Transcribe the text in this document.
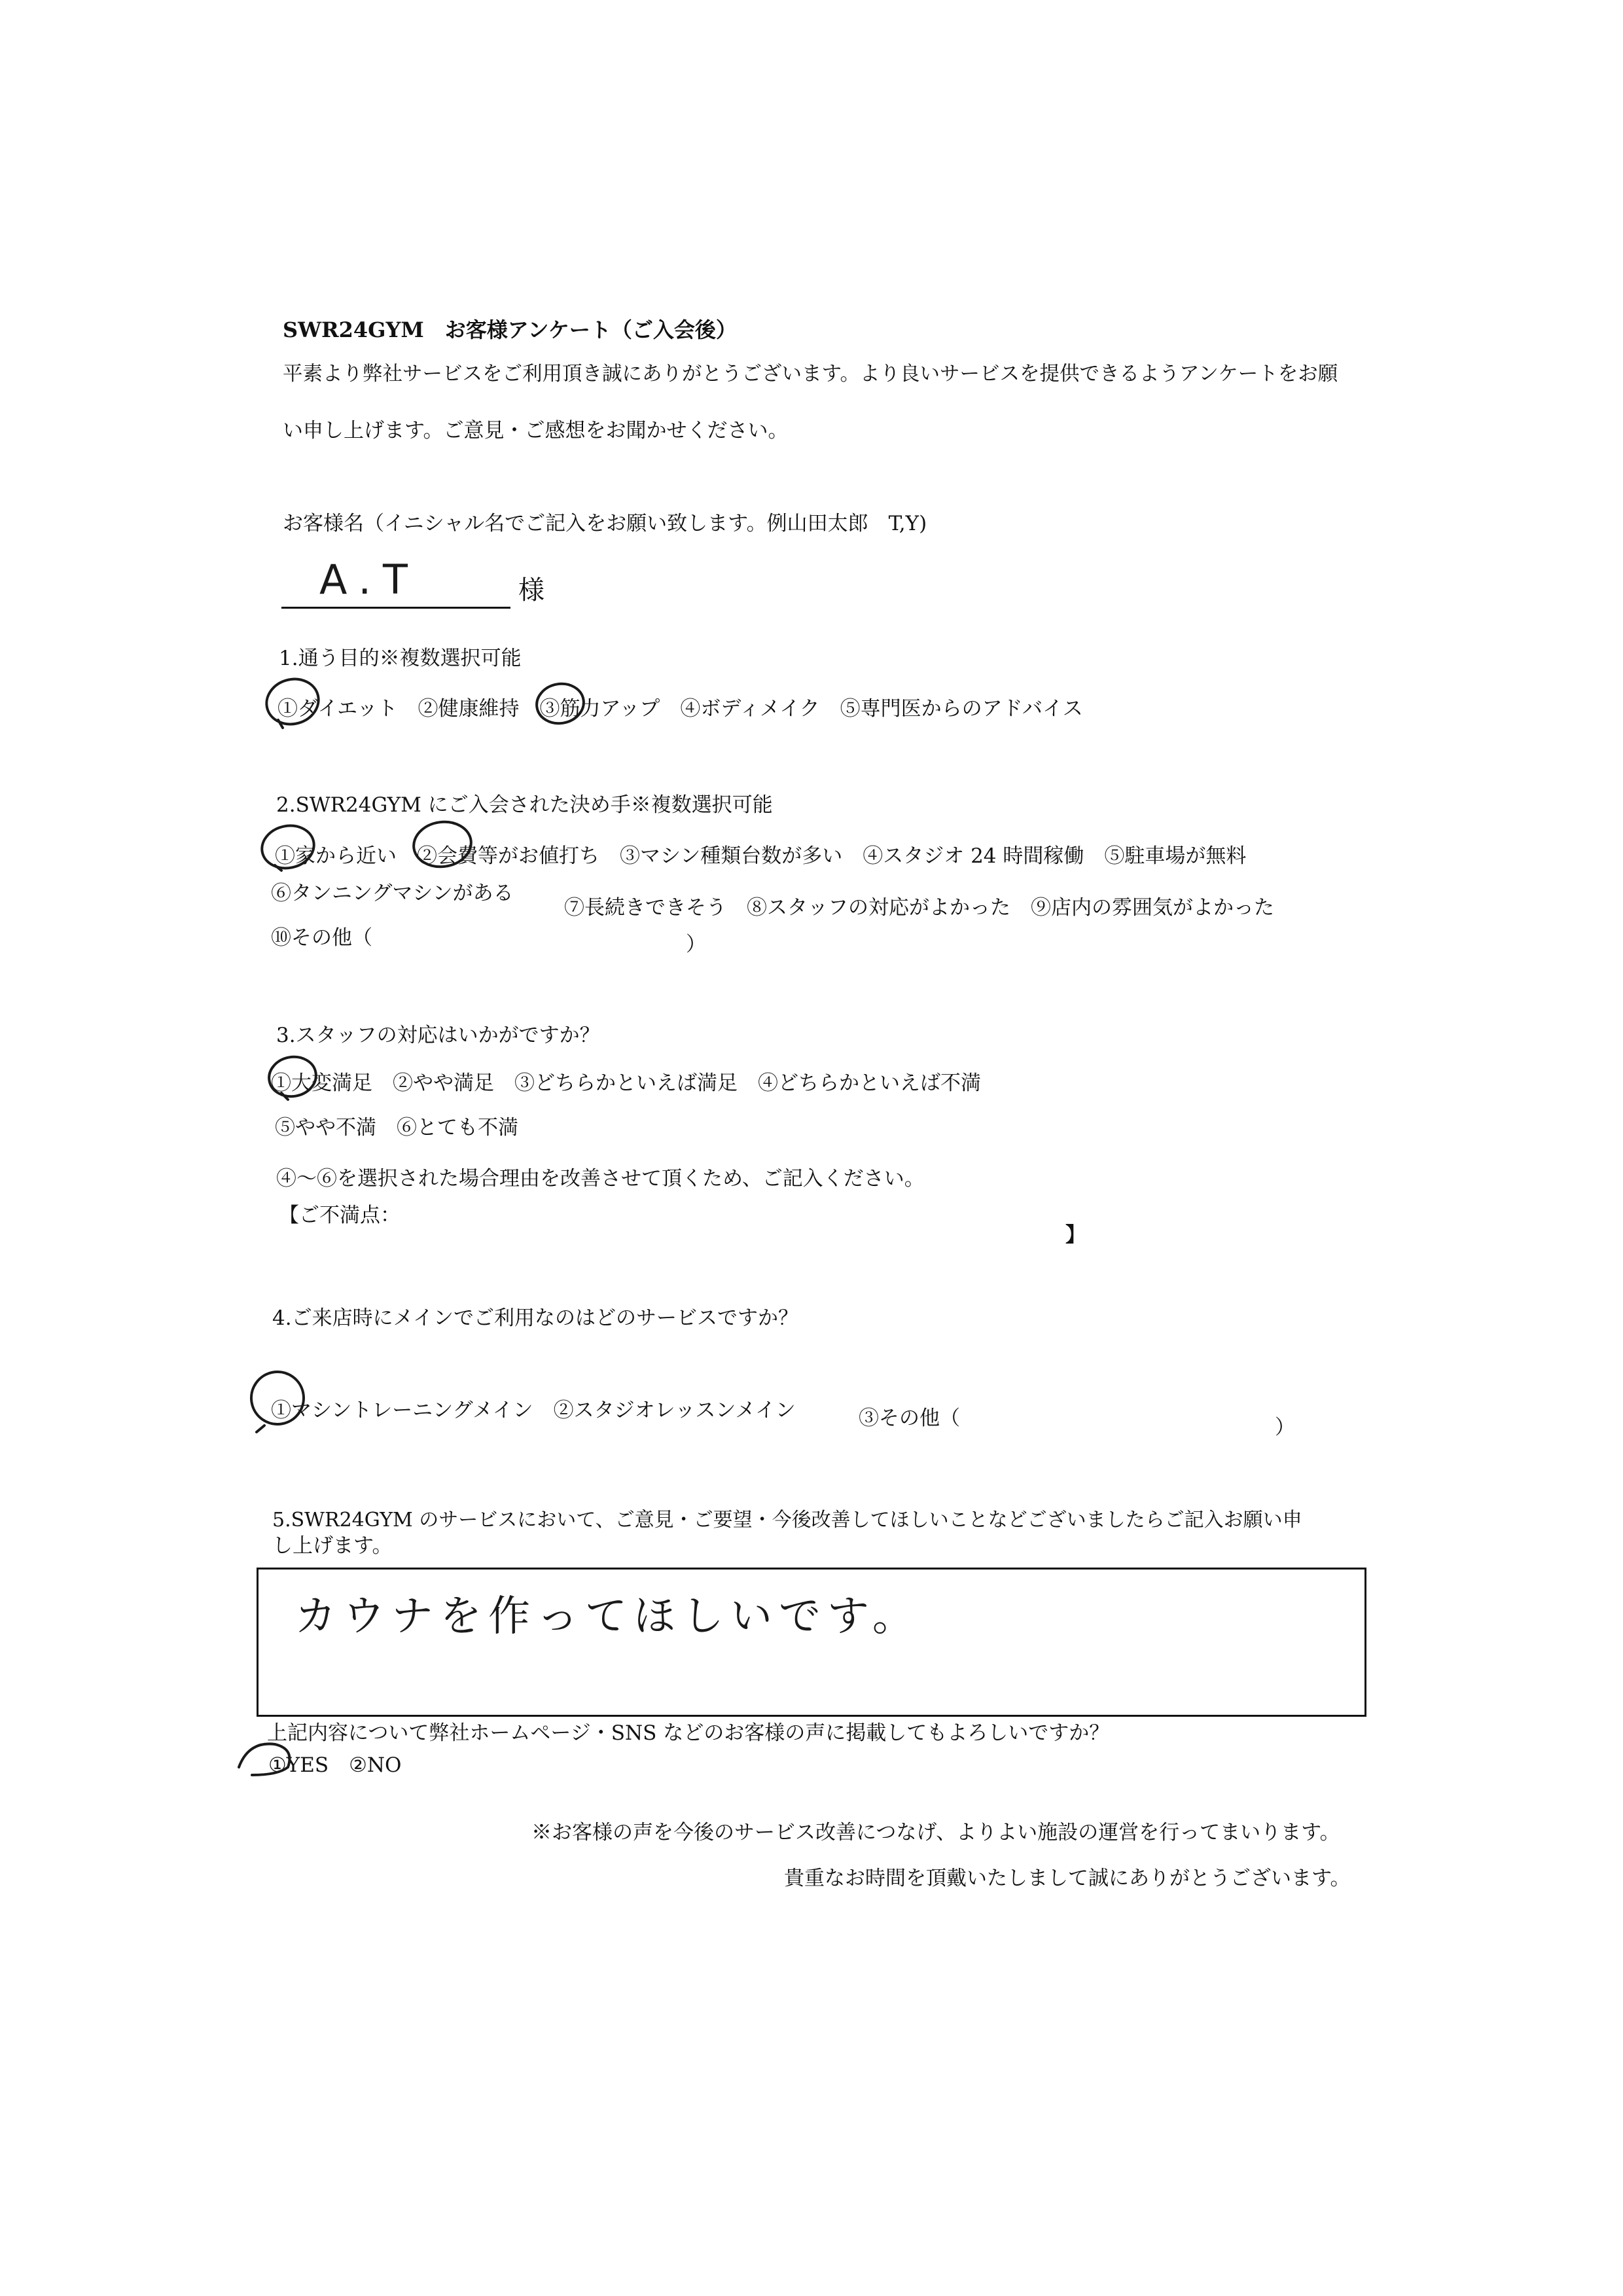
SWR24GYM　お客様アンケート（ご入会後）
平素より弊社サービスをご利用頂き誠にありがとうございます。より良いサービスを提供できるようアンケートをお願
い申し上げます。ご意見・ご感想をお聞かせください。
お客様名（イニシャル名でご記入をお願い致します。例山田太郎　T,Y)
A.T	様
1.通う目的※複数選択可能
①ダイエット　②健康維持　③筋力アップ　④ボディメイク　⑤専門医からのアドバイス
2.SWR24GYM にご入会された決め手※複数選択可能
①家から近い　②会費等がお値打ち　③マシン種類台数が多い　④スタジオ 24 時間稼働　⑤駐車場が無料
⑥タンニングマシンがある
⑦長続きできそう　⑧スタッフの対応がよかった　⑨店内の雰囲気がよかった
⑩その他（	）
3.スタッフの対応はいかがですか？
①大変満足　②やや満足　③どちらかといえば満足　④どちらかといえば不満
⑤やや不満　⑥とても不満
④～⑥を選択された場合理由を改善させて頂くため、ご記入ください。
【ご不満点：
】
4.ご来店時にメインでご利用なのはどのサービスですか？
①マシントレーニングメイン　②スタジオレッスンメイン	③その他（	）
5.SWR24GYM のサービスにおいて、ご意見・ご要望・今後改善してほしいことなどございましたらご記入お願い申
し上げます。
カウナを作ってほしいです。
上記内容について弊社ホームページ・SNS などのお客様の声に掲載してもよろしいですか？
①YES　②NO
※お客様の声を今後のサービス改善につなげ、よりよい施設の運営を行ってまいります。
貴重なお時間を頂戴いたしまして誠にありがとうございます。
